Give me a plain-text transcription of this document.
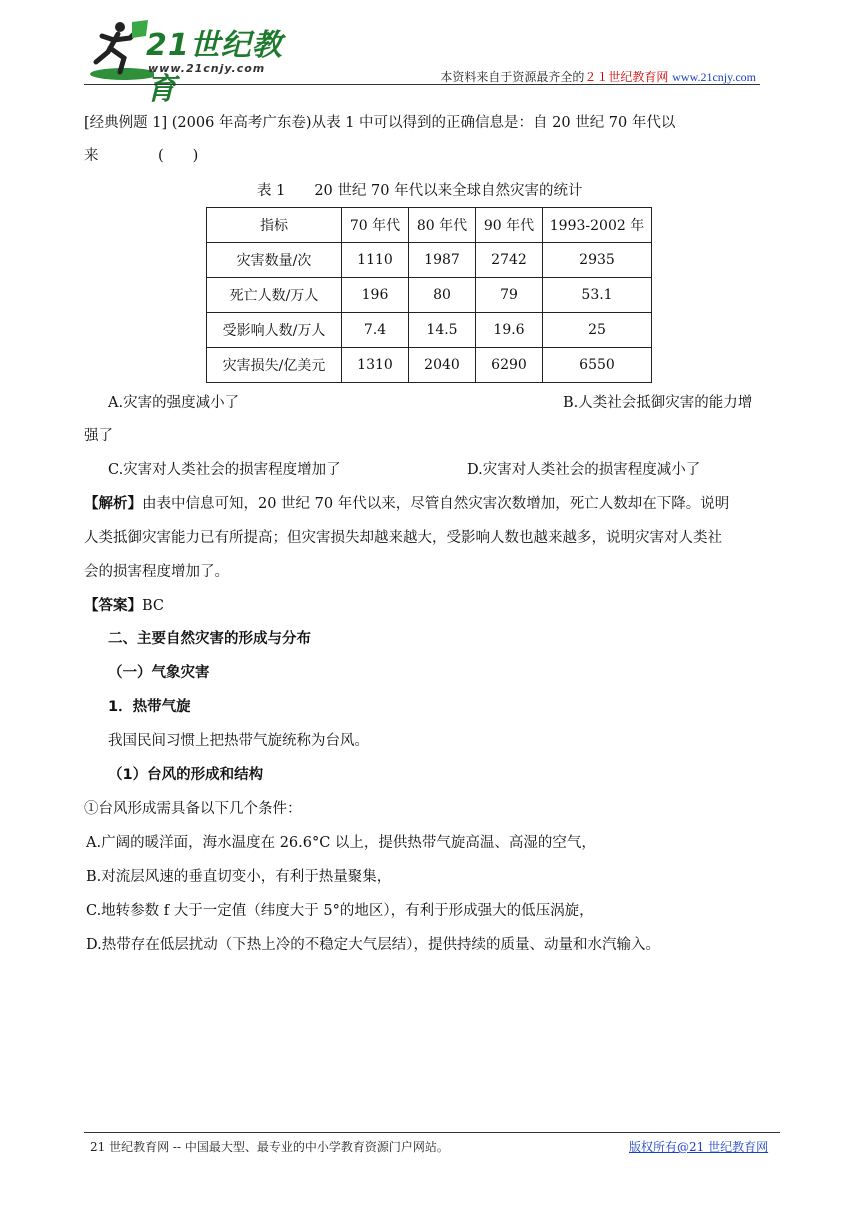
21世纪教育
www.21cnjy.com
本资料来自于资源最齐全的２１世纪教育网 www.21cnjy.com
[经典例题 1] (2006 年高考广东卷)从表 1 中可以得到的正确信息是：自 20 世纪 70 年代以
来	(　　)
表 1　　20 世纪 70 年代以来全球自然灾害的统计
指标	70 年代	80 年代	90 年代	1993-2002 年
灾害数量/次	1110	1987	2742	2935
死亡人数/万人	196	80	79	53.1
受影响人数/万人	7.4	14.5	19.6	25
灾害损失/亿美元	1310	2040	6290	6550
A.灾害的强度减小了	B.人类社会抵御灾害的能力增
强了
C.灾害对人类社会的损害程度增加了	D.灾害对人类社会的损害程度减小了
【解析】由表中信息可知，20 世纪 70 年代以来，尽管自然灾害次数增加，死亡人数却在下降。说明
人类抵御灾害能力已有所提高；但灾害损失却越来越大，受影响人数也越来越多，说明灾害对人类社
会的损害程度增加了。
【答案】BC
二、主要自然灾害的形成与分布
（一）气象灾害
1．热带气旋
我国民间习惯上把热带气旋统称为台风。
（1）台风的形成和结构
①台风形成需具备以下几个条件：
A.广阔的暖洋面，海水温度在 26.6°C 以上，提供热带气旋高温、高湿的空气，
B.对流层风速的垂直切变小，有利于热量聚集，
C.地转参数 f 大于一定值（纬度大于 5°的地区），有利于形成强大的低压涡旋，
D.热带存在低层扰动（下热上冷的不稳定大气层结），提供持续的质量、动量和水汽输入。
21 世纪教育网 -- 中国最大型、最专业的中小学教育资源门户网站。	版权所有@21 世纪教育网
